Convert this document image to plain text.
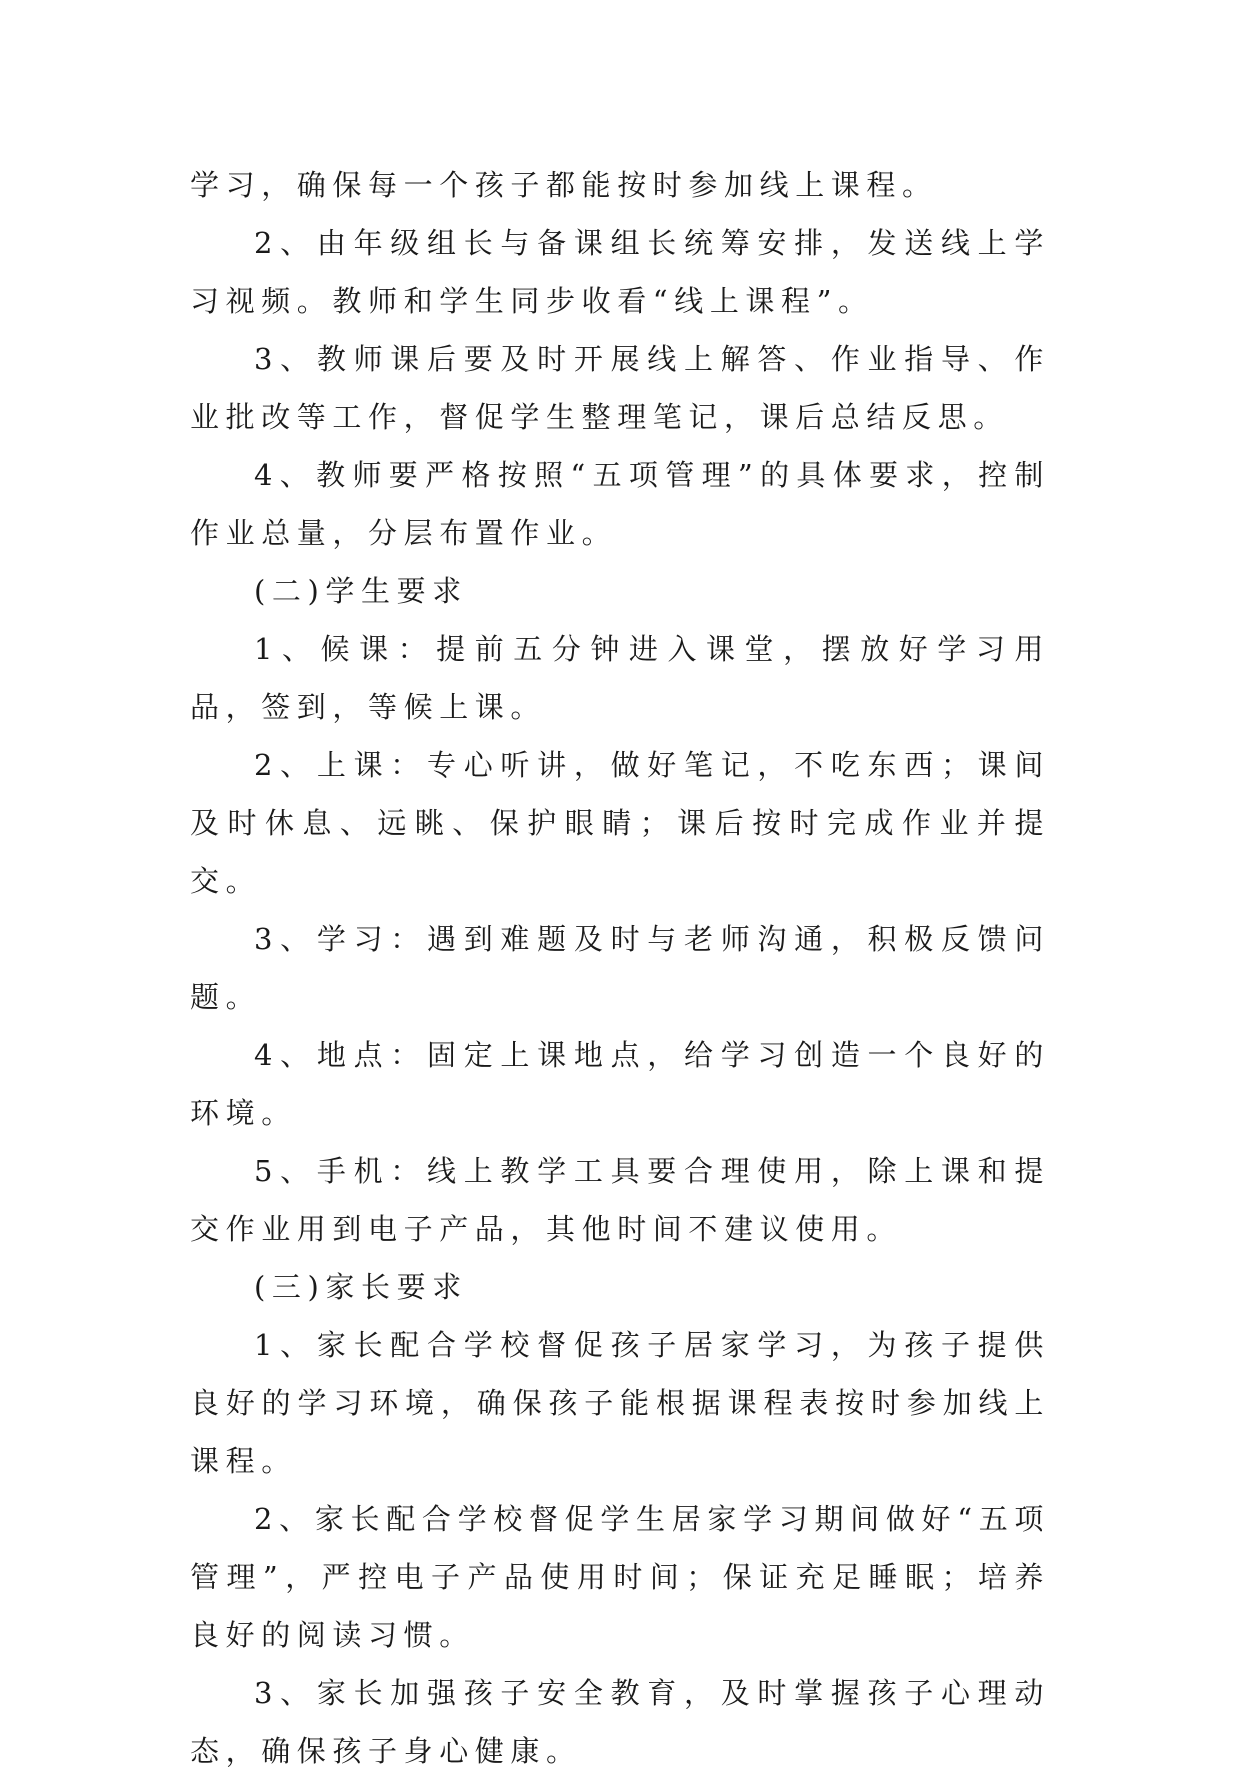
学习，确保每一个孩子都能按时参加线上课程。

2、由年级组长与备课组长统筹安排，发送线上学习视频。教师和学生同步收看“线上课程”。

3、教师课后要及时开展线上解答、作业指导、作业批改等工作，督促学生整理笔记，课后总结反思。

4、教师要严格按照“五项管理”的具体要求，控制作业总量，分层布置作业。

(二)学生要求

1、候课：提前五分钟进入课堂，摆放好学习用品，签到，等候上课。

2、上课：专心听讲，做好笔记，不吃东西；课间及时休息、远眺、保护眼睛；课后按时完成作业并提交。

3、学习：遇到难题及时与老师沟通，积极反馈问题。

4、地点：固定上课地点，给学习创造一个良好的环境。

5、手机：线上教学工具要合理使用，除上课和提交作业用到电子产品，其他时间不建议使用。

(三)家长要求

1、家长配合学校督促孩子居家学习，为孩子提供良好的学习环境，确保孩子能根据课程表按时参加线上课程。

2、家长配合学校督促学生居家学习期间做好“五项管理”，严控电子产品使用时间；保证充足睡眠；培养良好的阅读习惯。

3、家长加强孩子安全教育，及时掌握孩子心理动态，确保孩子身心健康。
